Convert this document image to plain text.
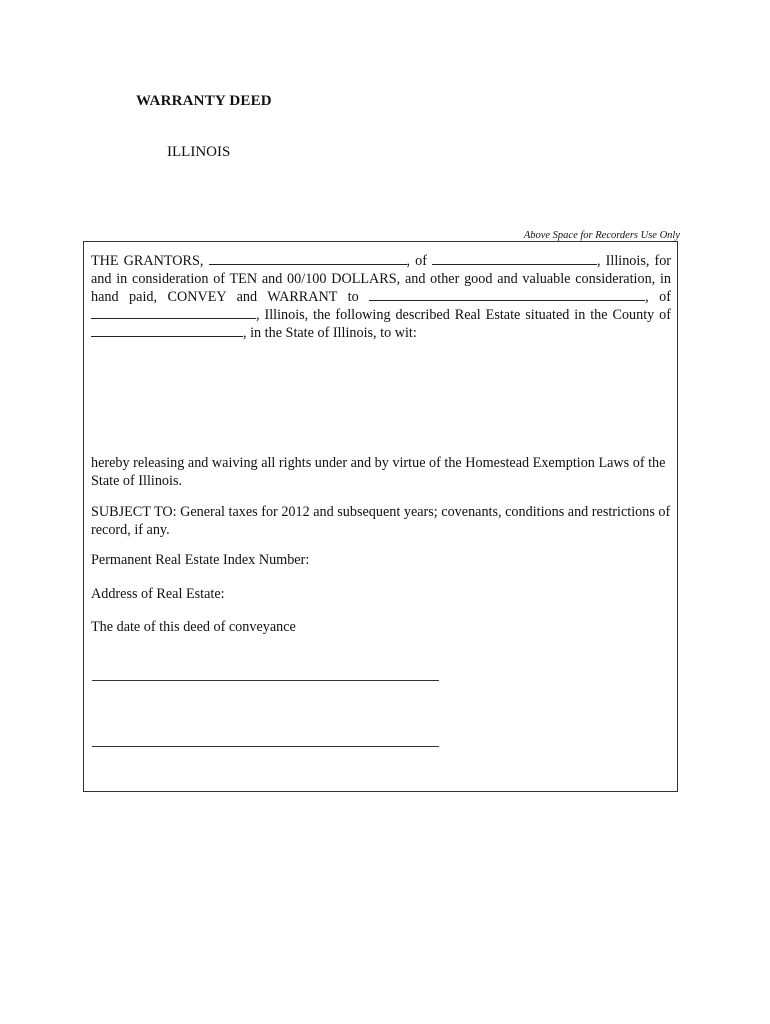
WARRANTY DEED
ILLINOIS
Above Space for Recorders Use Only

THE GRANTORS,	, of	, Illinois, for and in consideration of TEN and 00/100 DOLLARS, and other good and valuable consideration, in hand paid, CONVEY and WARRANT to	, of , Illinois, the following described Real Estate situated in the County of , in the State of Illinois, to wit:

hereby releasing and waiving all rights under and by virtue of the Homestead Exemption Laws of the State of Illinois.

SUBJECT TO: General taxes for 2012 and subsequent years; covenants, conditions and restrictions of record, if any.

Permanent Real Estate Index Number:

Address of Real Estate:

The date of this deed of conveyance
